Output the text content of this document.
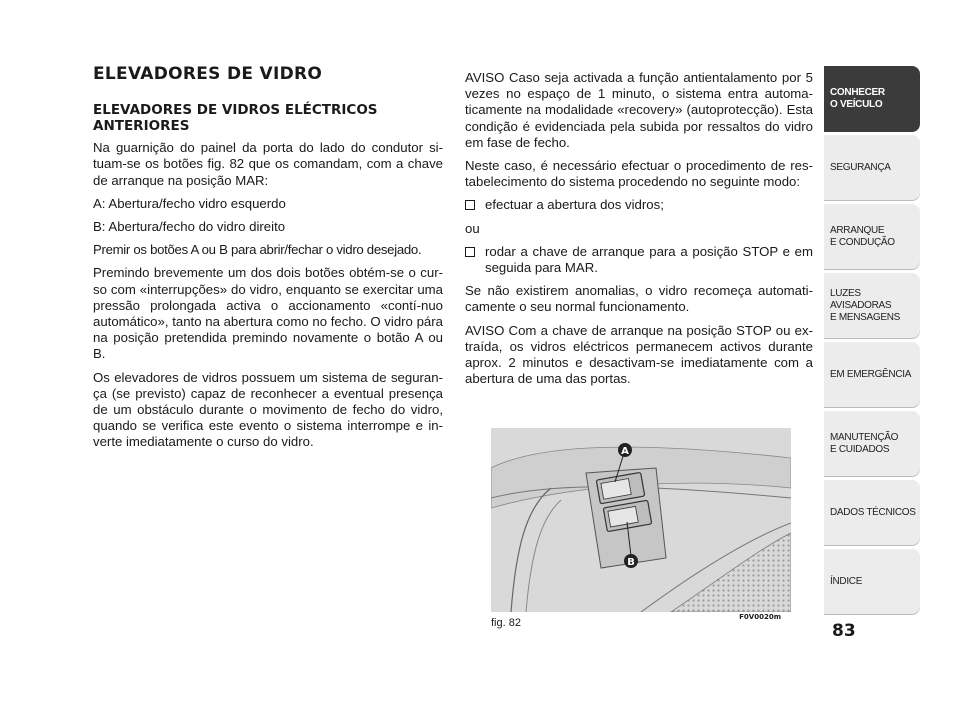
ELEVADORES DE VIDRO
ELEVADORES DE VIDROS ELÉCTRICOS ANTERIORES

Na guarnição do painel da porta do lado do condutor si-tuam-se os botões fig. 82 que os comandam, com a chave de arranque na posição MAR:

A: Abertura/fecho vidro esquerdo

B: Abertura/fecho do vidro direito

Premir os botões A ou B para abrir/fechar o vidro desejado.

Premindo brevemente um dos dois botões obtém-se o cur-so com «interrupções» do vidro, enquanto se exercitar uma pressão prolongada activa o accionamento «contí-nuo automático», tanto na abertura como no fecho. O vidro pára na posição pretendida premindo novamente o botão A ou B.

Os elevadores de vidros possuem um sistema de seguran-ça (se previsto) capaz de reconhecer a eventual presença de um obstáculo durante o movimento de fecho do vidro, quando se verifica este evento o sistema interrompe e in-verte imediatamente o curso do vidro.

AVISO Caso seja activada a função antientalamento por 5 vezes no espaço de 1 minuto, o sistema entra automa-ticamente na modalidade «recovery» (autoprotecção). Esta condição é evidenciada pela subida por ressaltos do vidro em fase de fecho.

Neste caso, é necessário efectuar o procedimento de res-tabelecimento do sistema procedendo no seguinte modo:

efectuar a abertura dos vidros;

ou

rodar a chave de arranque para a posição STOP e em seguida para MAR.

Se não existirem anomalias, o vidro recomeça automati-camente o seu normal funcionamento.

AVISO Com a chave de arranque na posição STOP ou ex-traída, os vidros eléctricos permanecem activos durante aprox. 2 minutos e desactivam-se imediatamente com a abertura de uma das portas.

A
B
fig. 82	F0V0020m
83
CONHECER
O VEÍCULO
SEGURANÇA
ARRANQUE
E CONDUÇÃO
LUZES AVISADORAS
E MENSAGENS
EM EMERGÊNCIA
MANUTENÇÃO
E CUIDADOS
DADOS TÉCNICOS
ÍNDICE
